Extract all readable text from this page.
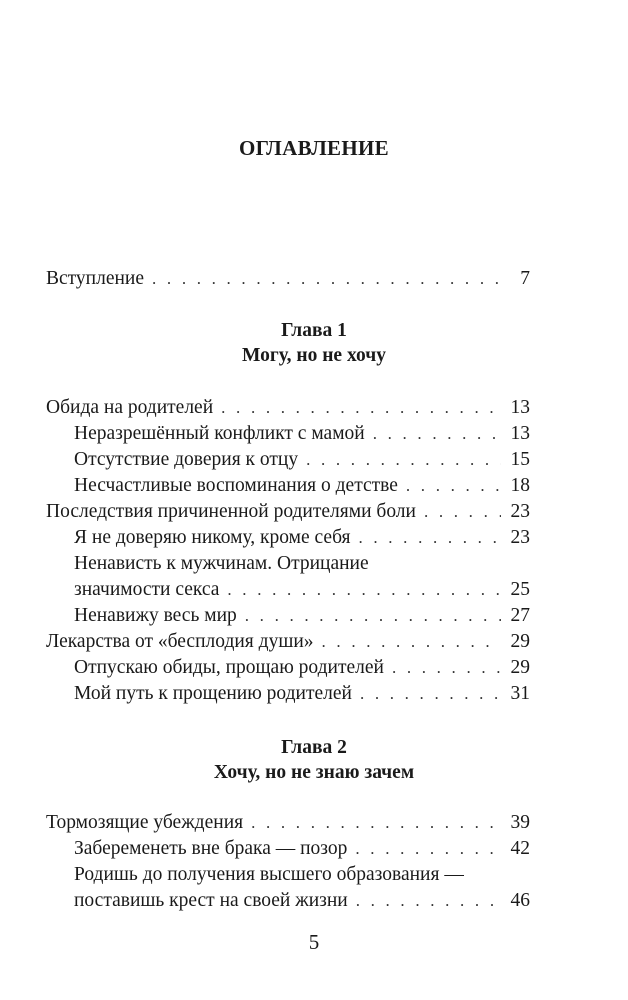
ОГЛАВЛЕНИЕ
Вступление . . .	7
Глава 1
Могу, но не хочу
Обида на родителей . . .	13
Неразрешённый конфликт с мамой . . .	13
Отсутствие доверия к отцу . . .	15
Несчастливые воспоминания о детстве . . .	18
Последствия причиненной родителями боли . . .	23
Я не доверяю никому, кроме себя . . .	23
Ненависть к мужчинам. Отрицание
значимости секса . . .	25
Ненавижу весь мир . . .	27
Лекарства от «бесплодия души» . . .	29
Отпускаю обиды, прощаю родителей . . .	29
Мой путь к прощению родителей . . .	31
Глава 2
Хочу, но не знаю зачем
Тормозящие убеждения . . .	39
Забеременеть вне брака — позор . . .	42
Родишь до получения высшего образования —
поставишь крест на своей жизни . . .	46
5
